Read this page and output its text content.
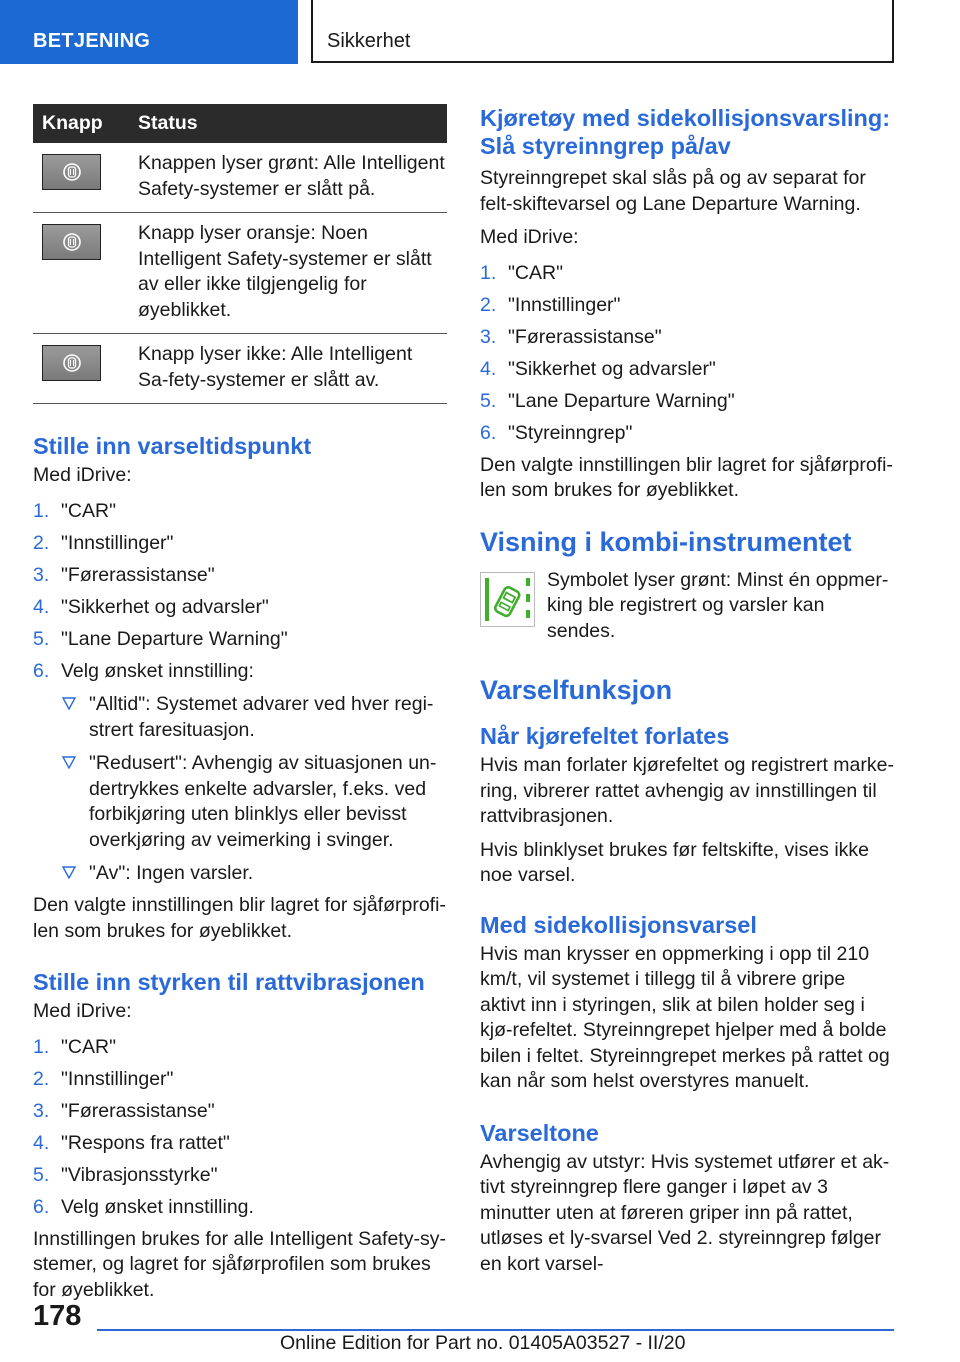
BETJENING	Sikkerhet
Knapp	Status

	Knappen lyser grønt: Alle Intelligent Safety-systemer er slått på.

	Knapp lyser oransje: Noen Intelligent Safety-systemer er slått av eller ikke tilgjengelig for øyeblikket.

	Knapp lyser ikke: Alle Intelligent Sa-fety-systemer er slått av.
Stille inn varseltidspunkt

Med iDrive:

1. "CAR"
2. "Innstillinger"
3. "Førerassistanse"
4. "Sikkerhet og advarsler"
5. "Lane Departure Warning"
6. Velg ønsket innstilling:
"Alltid": Systemet advarer ved hver regi-strert faresituasjon.
"Redusert": Avhengig av situasjonen un-dertrykkes enkelte advarsler, f.eks. ved forbikjøring uten blinklys eller bevisst overkjøring av veimerking i svinger.
"Av": Ingen varsler.

Den valgte innstillingen blir lagret for sjåførprofi-len som brukes for øyeblikket.

Stille inn styrken til rattvibrasjonen

Med iDrive:

1. "CAR"
2. "Innstillinger"
3. "Førerassistanse"
4. "Respons fra rattet"
5. "Vibrasjonsstyrke"
6. Velg ønsket innstilling.

Innstillingen brukes for alle Intelligent Safety-sy-stemer, og lagret for sjåførprofilen som brukes for øyeblikket.

Kjøretøy med sidekollisjonsvarsling: Slå styreinngrep på/av

Styreinngrepet skal slås på og av separat for felt-skiftevarsel og Lane Departure Warning.

Med iDrive:

1. "CAR"
2. "Innstillinger"
3. "Førerassistanse"
4. "Sikkerhet og advarsler"
5. "Lane Departure Warning"
6. "Styreinngrep"

Den valgte innstillingen blir lagret for sjåførprofi-len som brukes for øyeblikket.

Visning i kombi-instrumentet

Symbolet lyser grønt: Minst én oppmer-king ble registrert og varsler kan sendes.

Varselfunksjon
Når kjørefeltet forlates

Hvis man forlater kjørefeltet og registrert marke-ring, vibrerer rattet avhengig av innstillingen til rattvibrasjonen.

Hvis blinklyset brukes før feltskifte, vises ikke noe varsel.

Med sidekollisjonsvarsel

Hvis man krysser en oppmerking i opp til 210 km/t, vil systemet i tillegg til å vibrere gripe aktivt inn i styringen, slik at bilen holder seg i kjø-refeltet. Styreinngrepet hjelper med å bolde bilen i feltet. Styreinngrepet merkes på rattet og kan når som helst overstyres manuelt.

Varseltone

Avhengig av utstyr: Hvis systemet utfører et ak-tivt styreinngrep flere ganger i løpet av 3 minutter uten at føreren griper inn på rattet, utløses et ly-svarsel Ved 2. styreinngrep følger en kort varsel-

178
Online Edition for Part no. 01405A03527 - II/20
